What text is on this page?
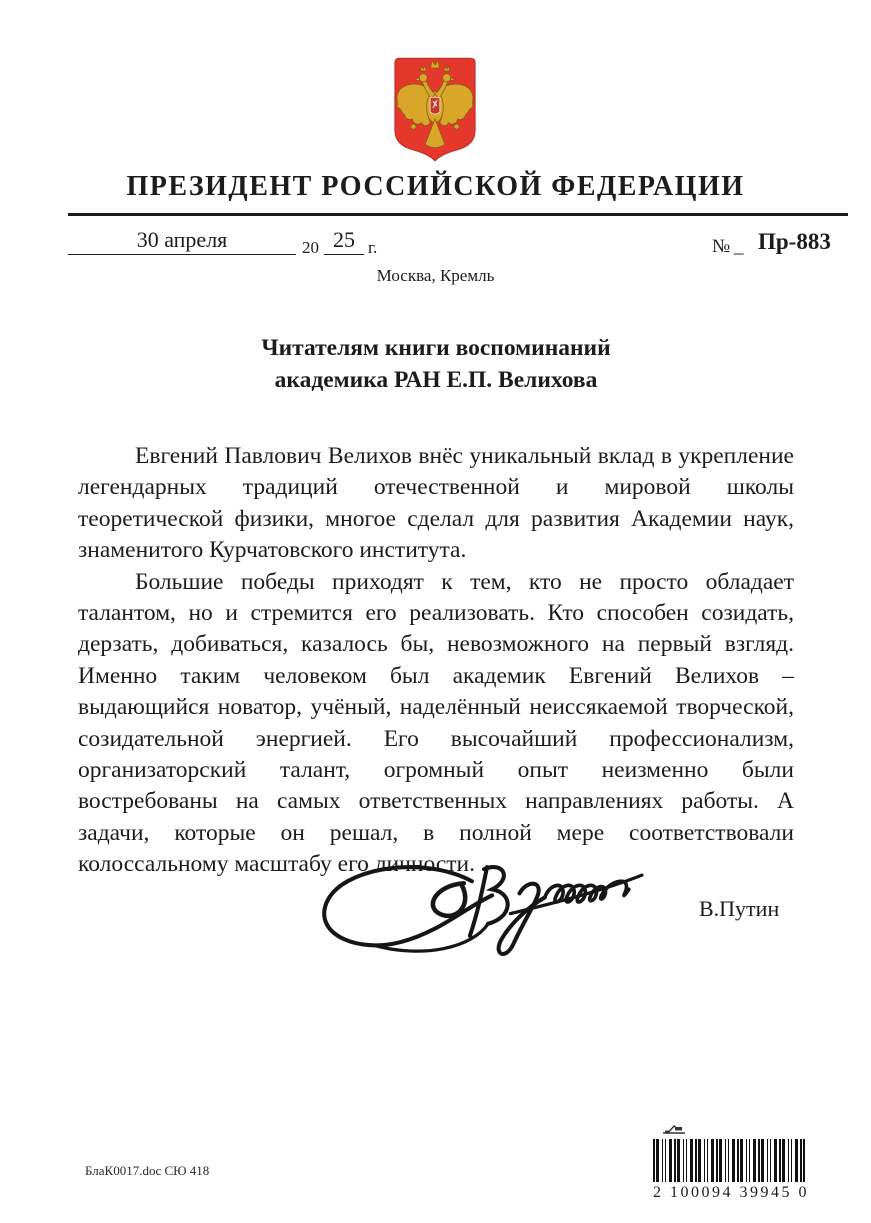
ПРЕЗИДЕНТ РОССИЙСКОЙ ФЕДЕРАЦИИ
30 апреля	20 25 г.	№ _ Пр-883
Москва, Кремль
Читателям книги воспоминаний
академика РАН Е.П. Велихова

Евгений Павлович Велихов внёс уникальный вклад в укрепление легендарных традиций отечественной и мировой школы теоретической физики, многое сделал для развития Академии наук, знаменитого Курчатовского института.

Большие победы приходят к тем, кто не просто обладает талантом, но и стремится его реализовать. Кто способен созидать, дерзать, добиваться, казалось бы, невозможного на первый взгляд. Именно таким человеком был академик Евгений Велихов – выдающийся новатор, учёный, наделённый неиссякаемой творческой, созидательной энергией. Его высочайший профессионализм, организаторский талант, огромный опыт неизменно были востребованы на самых ответственных направлениях работы. А задачи, которые он решал, в полной мере соответствовали колоссальному масштабу его личности.

В.Путин
БлаК0017.doc СЮ 418
2 100094 39945 0
